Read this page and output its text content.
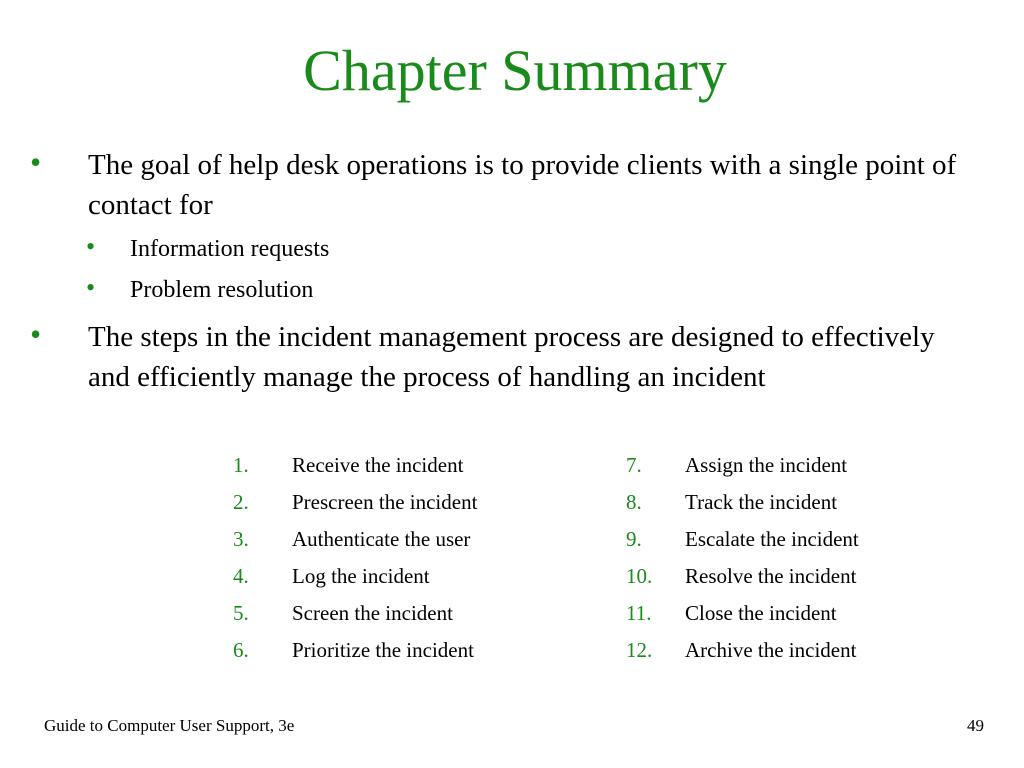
Chapter Summary
• The goal of help desk operations is to provide clients with a single point of contact for
• Information requests
• Problem resolution
• The steps in the incident management process are designed to effectively and efficiently manage the process of handling an incident
1. Receive the incident
2. Prescreen the incident
3. Authenticate the user
4. Log the incident
5. Screen the incident
6. Prioritize the incident
7. Assign the incident
8. Track the incident
9. Escalate the incident
10. Resolve the incident
11. Close the incident
12. Archive the incident
Guide to Computer User Support, 3e	49
